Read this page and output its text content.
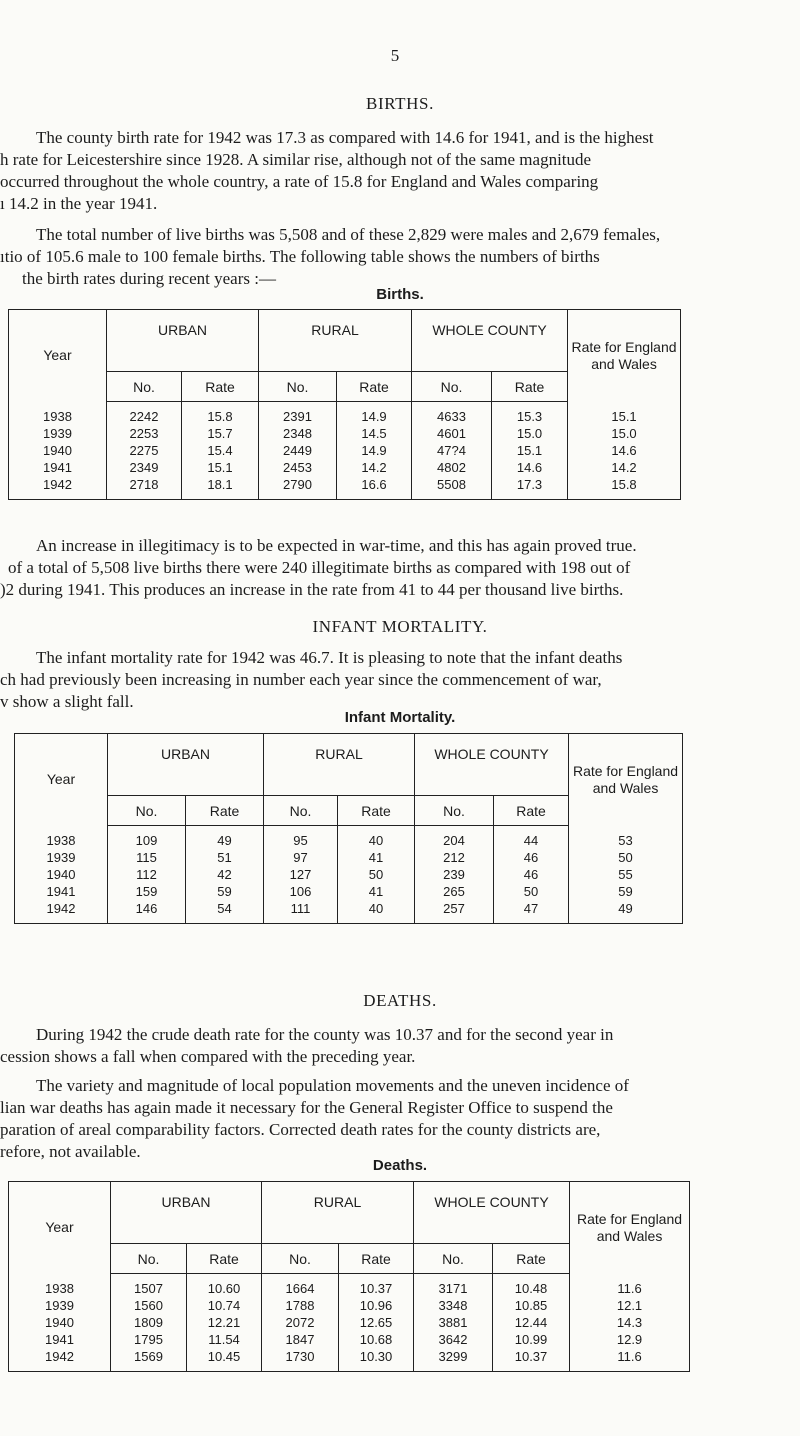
5
BIRTHS.
The county birth rate for 1942 was 17.3 as compared with 14.6 for 1941, and is the highest
h rate for Leicestershire since 1928. A similar rise, although not of the same magnitude
occurred throughout the whole country, a rate of 15.8 for England and Wales comparing
ı 14.2 in the year 1941.
The total number of live births was 5,508 and of these 2,829 were males and 2,679 females,
ıtio of 105.6 male to 100 female births. The following table shows the numbers of births
the birth rates during recent years :—
Births.
Year	URBAN		RURAL		WHOLE COUNTY		Rate for England and Wales
	No.	Rate	No.	Rate	No.	Rate	
1938	2242	15.8	2391	14.9	4633	15.3	15.1
1939	2253	15.7	2348	14.5	4601	15.0	15.0
1940	2275	15.4	2449	14.9	47?4	15.1	14.6
1941	2349	15.1	2453	14.2	4802	14.6	14.2
1942	2718	18.1	2790	16.6	5508	17.3	15.8
An increase in illegitimacy is to be expected in war-time, and this has again proved true.
of a total of 5,508 live births there were 240 illegitimate births as compared with 198 out of
)2 during 1941. This produces an increase in the rate from 41 to 44 per thousand live births.
INFANT MORTALITY.
The infant mortality rate for 1942 was 46.7. It is pleasing to note that the infant deaths
ch had previously been increasing in number each year since the commencement of war,
v show a slight fall.
Infant Mortality.
Year	URBAN		RURAL		WHOLE COUNTY		Rate for England and Wales
	No.	Rate	No.	Rate	No.	Rate	
1938	109	49	95	40	204	44	53
1939	115	51	97	41	212	46	50
1940	112	42	127	50	239	46	55
1941	159	59	106	41	265	50	59
1942	146	54	111	40	257	47	49
DEATHS.
During 1942 the crude death rate for the county was 10.37 and for the second year in
cession shows a fall when compared with the preceding year.
The variety and magnitude of local population movements and the uneven incidence of
lian war deaths has again made it necessary for the General Register Office to suspend the
paration of areal comparability factors. Corrected death rates for the county districts are,
refore, not available.
Deaths.
Year	URBAN		RURAL		WHOLE COUNTY		Rate for England and Wales
	No.	Rate	No.	Rate	No.	Rate	
1938	1507	10.60	1664	10.37	3171	10.48	11.6
1939	1560	10.74	1788	10.96	3348	10.85	12.1
1940	1809	12.21	2072	12.65	3881	12.44	14.3
1941	1795	11.54	1847	10.68	3642	10.99	12.9
1942	1569	10.45	1730	10.30	3299	10.37	11.6
